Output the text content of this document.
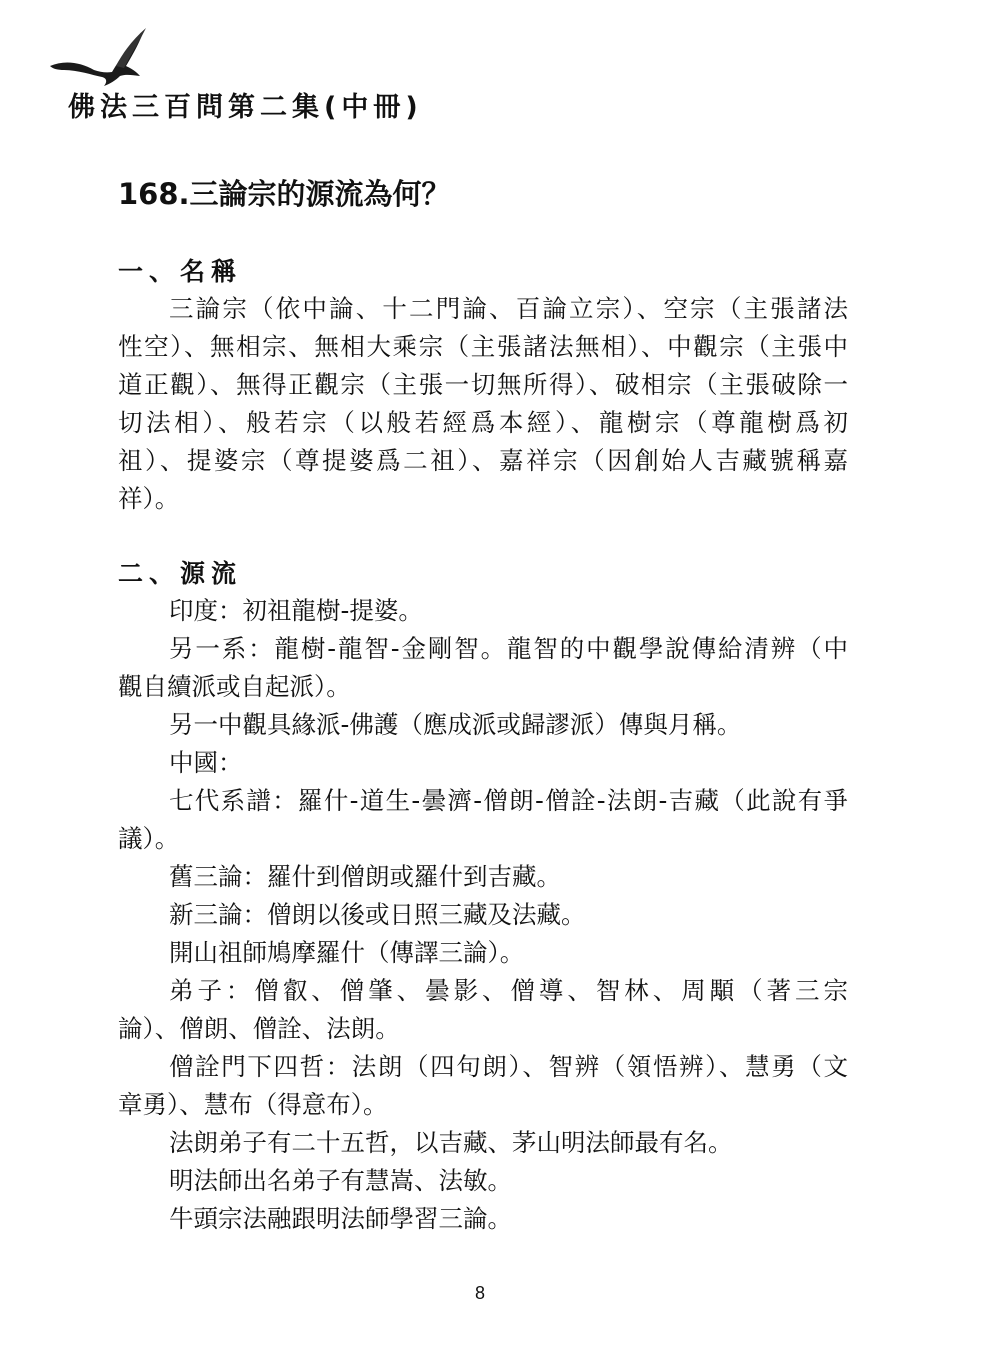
佛法三百問第二集(中冊)
168.三論宗的源流為何？
一、名稱
三論宗（依中論、十二門論、百論立宗）、空宗（主張諸法
性空）、無相宗、無相大乘宗（主張諸法無相）、中觀宗（主張中
道正觀）、無得正觀宗（主張一切無所得）、破相宗（主張破除一
切法相）、般若宗（以般若經爲本經）、龍樹宗（尊龍樹爲初
祖）、提婆宗（尊提婆爲二祖）、嘉祥宗（因創始人吉藏號稱嘉
祥）。
二、源流
印度：初祖龍樹-提婆。
另一系：龍樹-龍智-金剛智。龍智的中觀學說傳給清辨（中
觀自續派或自起派）。
另一中觀具緣派-佛護（應成派或歸謬派）傳與月稱。
中國：
七代系譜：羅什-道生-曇濟-僧朗-僧詮-法朗-吉藏（此說有爭
議）。
舊三論：羅什到僧朗或羅什到吉藏。
新三論：僧朗以後或日照三藏及法藏。
開山祖師鳩摩羅什（傳譯三論）。
弟子：僧叡、僧肇、曇影、僧導、智林、周顒（著三宗
論）、僧朗、僧詮、法朗。
僧詮門下四哲：法朗（四句朗）、智辨（領悟辨）、慧勇（文
章勇）、慧布（得意布）。
法朗弟子有二十五哲，以吉藏、茅山明法師最有名。
明法師出名弟子有慧嵩、法敏。
牛頭宗法融跟明法師學習三論。
8
